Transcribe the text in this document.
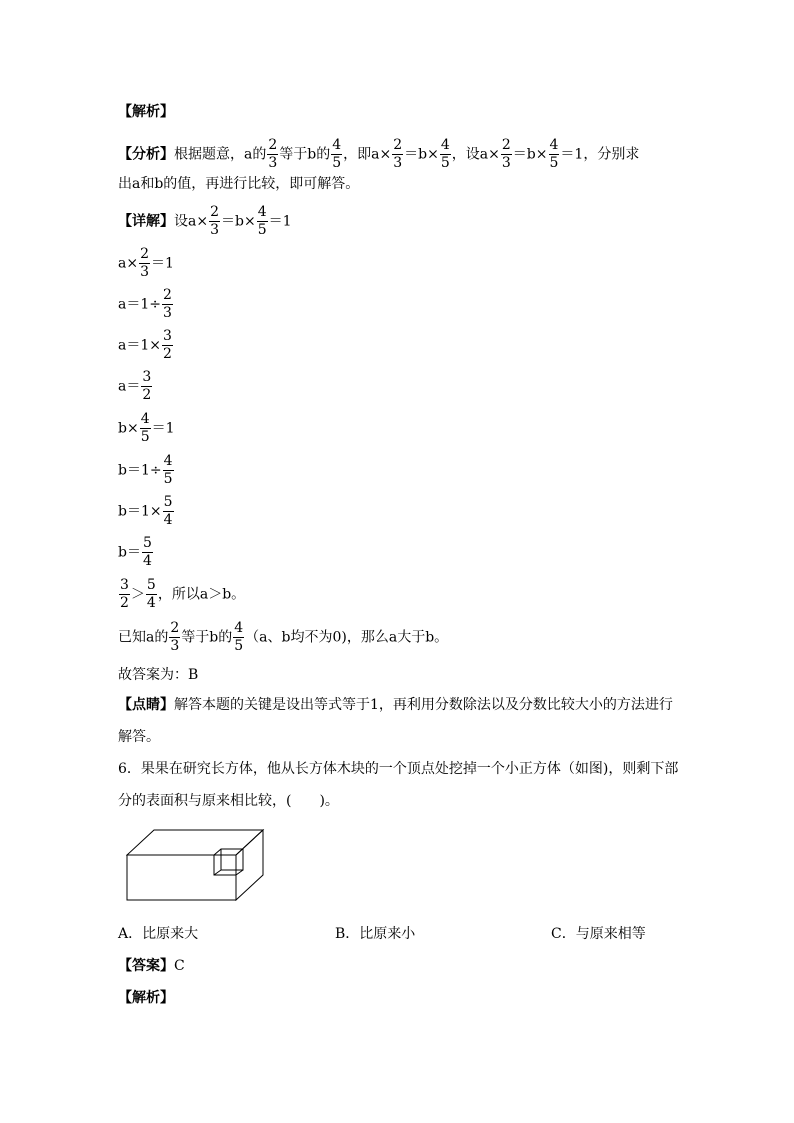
【解析】
【分析】根据题意，a的 $\frac{2}{3}$ 等于b的 $\frac{4}{5}$ ，即$a\times \frac{2}{3} =b\times \frac{4}{5}$ ，设$a\times \frac{2}{3} =b\times \frac{4}{5} =1$，分别求
出a和b的值，再进行比较，即可解答。
【详解】设$a\times \frac{2}{3} =b\times \frac{4}{5} =1$
$a\times \frac{2}{3} =1$
$a=1\div \frac{2}{3}$
$a=1\times \frac{3}{2}$
$a= \frac{3}{2}$
$b\times \frac{4}{5} =1$
$b=1\div \frac{4}{5}$
$b=1\times \frac{5}{4}$
$b= \frac{5}{4}$
$\frac{3}{2} > \frac{5}{4}$ ，所以a＞b。
已知a的 $\frac{2}{3}$ 等于b的 $\frac{4}{5} (a$、b均不为0)，那么a大于b。
故答案为：B
【点睛】解答本题的关键是设出等式等于1，再利用分数除法以及分数比较大小的方法进行
解答。
6．果果在研究长方体，他从长方体木块的一个顶点处挖掉一个小正方体（如图)，则剩下部
分的表面积与原来相比较，(　　)。
A．比原来大	B．比原来小	C．与原来相等
【答案】C
【解析】
